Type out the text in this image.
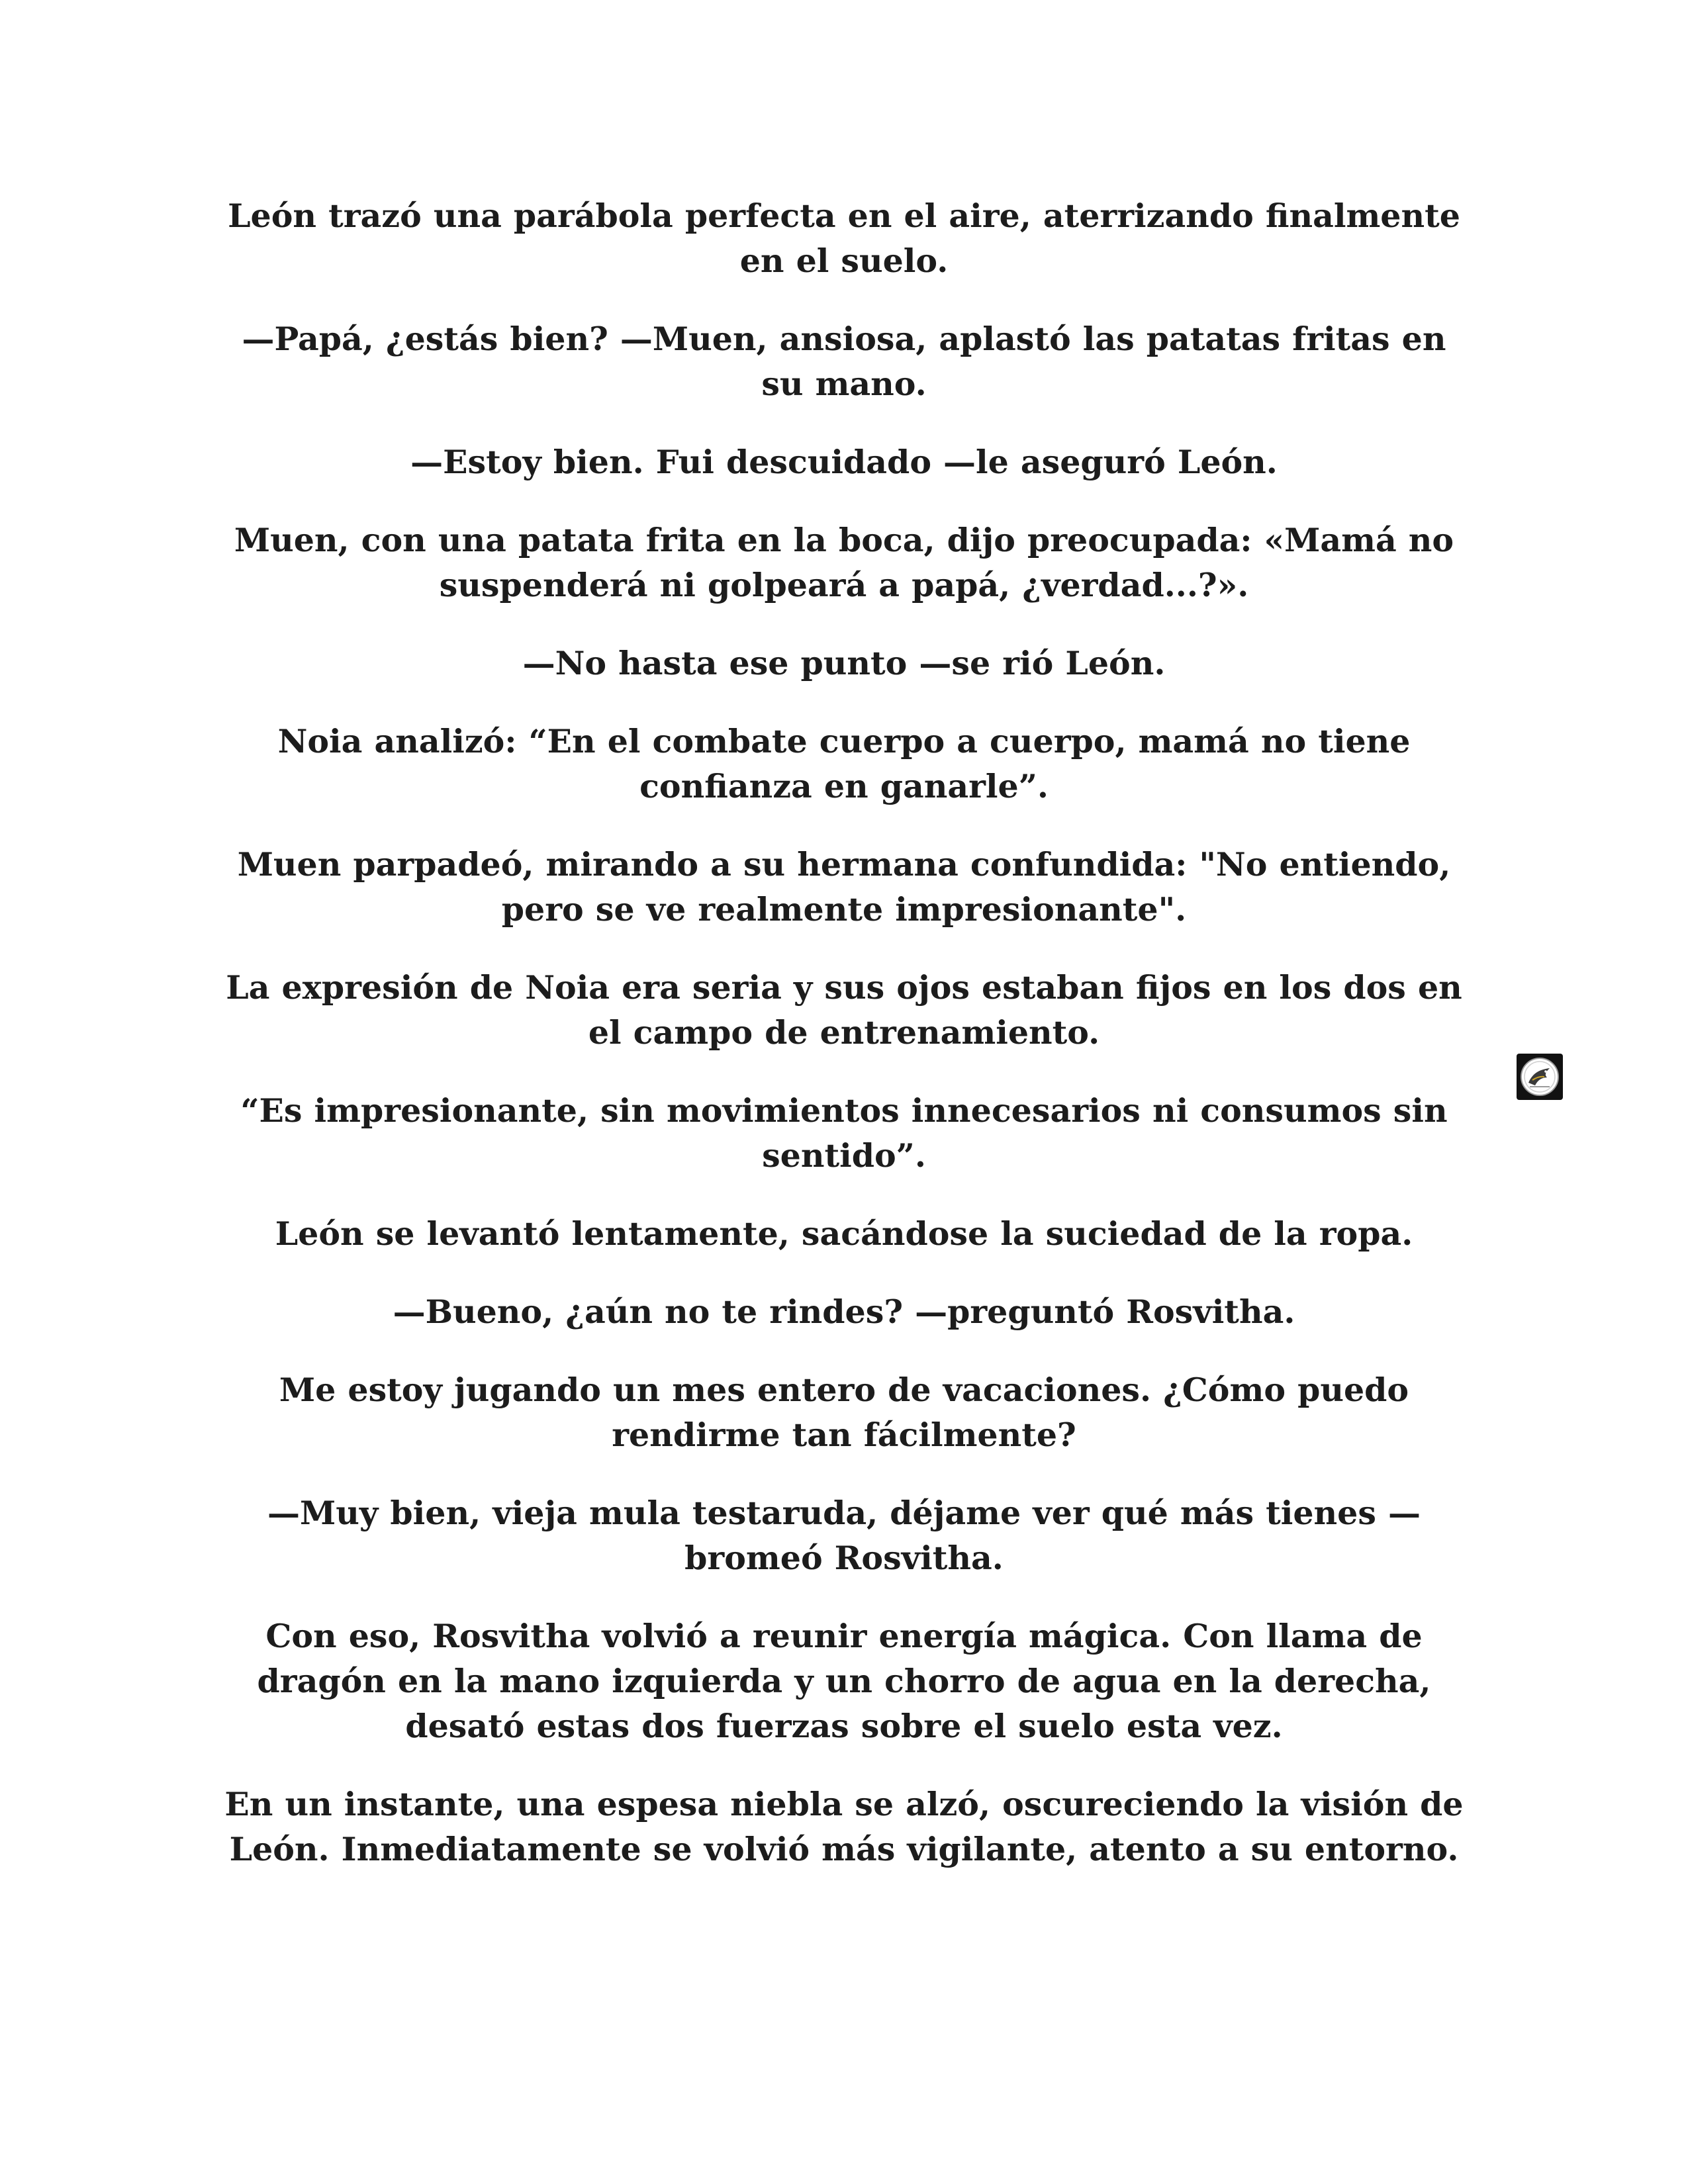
León trazó una parábola perfecta en el aire, aterrizando finalmente en el suelo.

—Papá, ¿estás bien? —Muen, ansiosa, aplastó las patatas fritas en su mano.

—Estoy bien. Fui descuidado —le aseguró León.

Muen, con una patata frita en la boca, dijo preocupada: «Mamá no suspenderá ni golpeará a papá, ¿verdad...?».

—No hasta ese punto —se rió León.

Noia analizó: “En el combate cuerpo a cuerpo, mamá no tiene confianza en ganarle”.

Muen parpadeó, mirando a su hermana confundida: "No entiendo, pero se ve realmente impresionante".

La expresión de Noia era seria y sus ojos estaban fijos en los dos en el campo de entrenamiento.

“Es impresionante, sin movimientos innecesarios ni consumos sin sentido”.

León se levantó lentamente, sacándose la suciedad de la ropa.

—Bueno, ¿aún no te rindes? —preguntó Rosvitha.

Me estoy jugando un mes entero de vacaciones. ¿Cómo puedo rendirme tan fácilmente?

—Muy bien, vieja mula testaruda, déjame ver qué más tienes —bromeó Rosvitha.

Con eso, Rosvitha volvió a reunir energía mágica. Con llama de dragón en la mano izquierda y un chorro de agua en la derecha, desató estas dos fuerzas sobre el suelo esta vez.

En un instante, una espesa niebla se alzó, oscureciendo la visión de León. Inmediatamente se volvió más vigilante, atento a su entorno.
